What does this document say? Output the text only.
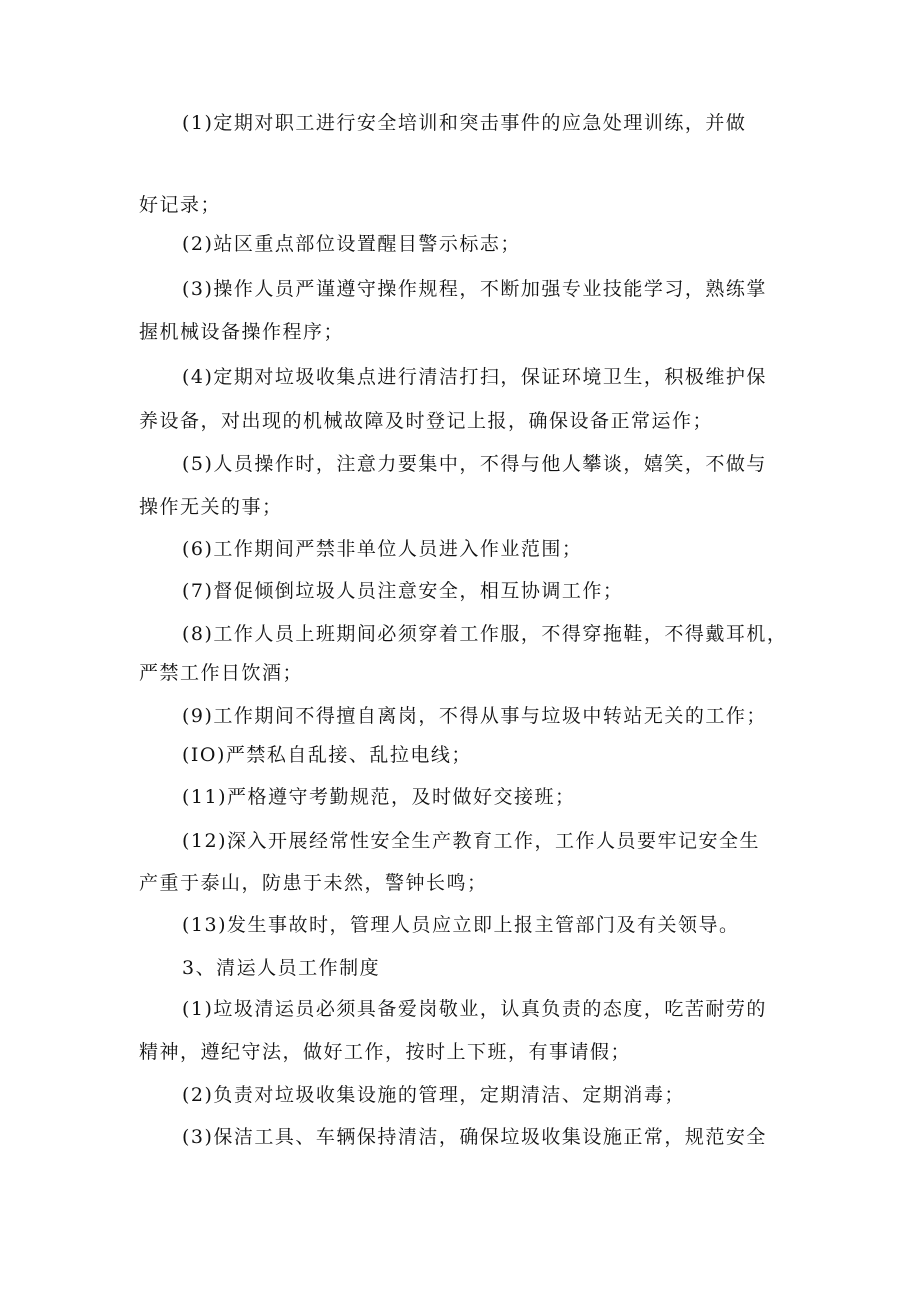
(1)定期对职工进行安全培训和突击事件的应急处理训练，并做
好记录；
(2)站区重点部位设置醒目警示标志；
(3)操作人员严谨遵守操作规程，不断加强专业技能学习，熟练掌
握机械设备操作程序；
(4)定期对垃圾收集点进行清洁打扫，保证环境卫生，积极维护保
养设备，对出现的机械故障及时登记上报，确保设备正常运作；
(5)人员操作时，注意力要集中，不得与他人攀谈，嬉笑，不做与
操作无关的事；
(6)工作期间严禁非单位人员进入作业范围；
(7)督促倾倒垃圾人员注意安全，相互协调工作；
(8)工作人员上班期间必须穿着工作服，不得穿拖鞋，不得戴耳机，
严禁工作日饮酒；
(9)工作期间不得擅自离岗，不得从事与垃圾中转站无关的工作；
(IO)严禁私自乱接、乱拉电线；
(11)严格遵守考勤规范，及时做好交接班；
(12)深入开展经常性安全生产教育工作，工作人员要牢记安全生
产重于泰山，防患于未然，警钟长鸣；
(13)发生事故时，管理人员应立即上报主管部门及有关领导。
3、清运人员工作制度
(1)垃圾清运员必须具备爱岗敬业，认真负责的态度，吃苦耐劳的
精神，遵纪守法，做好工作，按时上下班，有事请假；
(2)负责对垃圾收集设施的管理，定期清洁、定期消毒；
(3)保洁工具、车辆保持清洁，确保垃圾收集设施正常，规范安全
